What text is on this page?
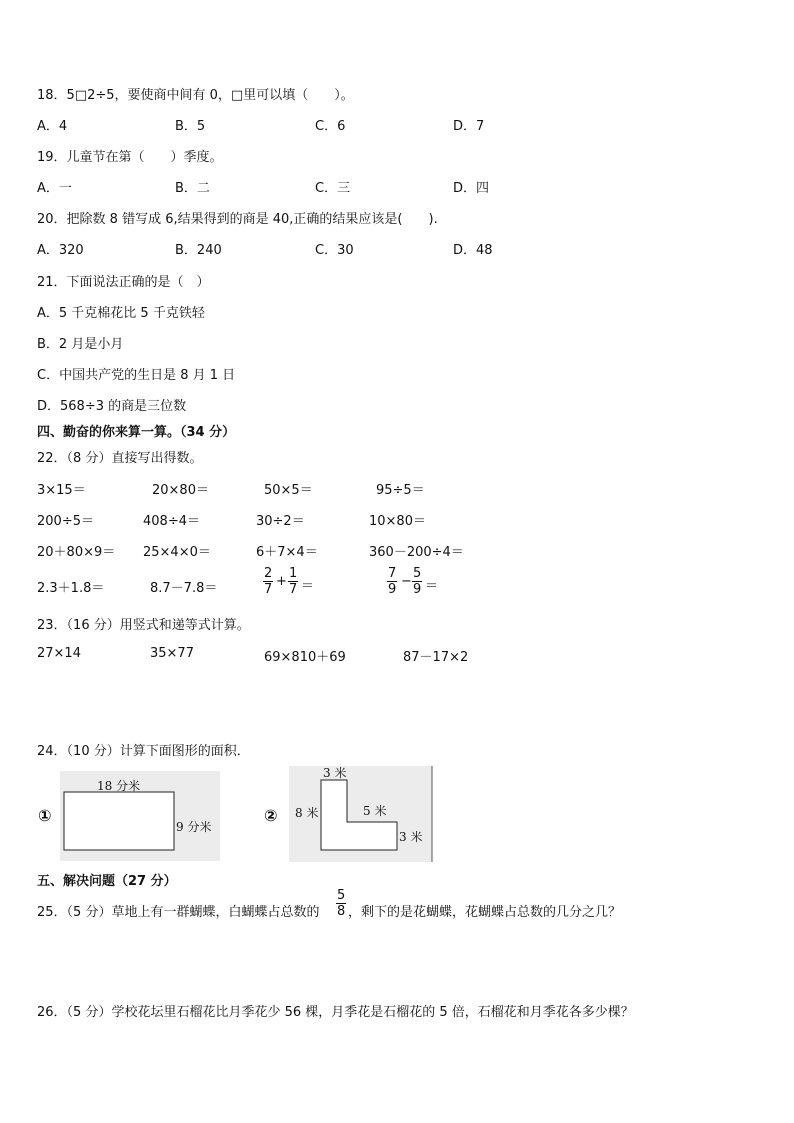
18．5□2÷5，要使商中间有 0，□里可以填（　　）。
A．4	B．5	C．6	D．7
19．儿童节在第（　　）季度。
A．一	B．二	C．三	D．四
20．把除数 8 错写成 6,结果得到的商是 40,正确的结果应该是(　　).
A．320	B．240	C．30	D．48
21．下面说法正确的是（　）
A．5 千克棉花比 5 千克铁轻
B．2 月是小月
C．中国共产党的生日是 8 月 1 日
D．568÷3 的商是三位数
四、勤奋的你来算一算。（34 分）
22．（8 分）直接写出得数。
3×15＝	20×80＝	50×5＝	95÷5＝
200÷5＝	408÷4＝	30÷2＝	10×80＝
20＋80×9＝ 25×4×0＝	6＋7×4＝	360－200÷4＝
2.3＋1.8＝	8.7－7.8＝	$\frac{2}{7} + \frac{1}{7}$ ＝	$\frac{7}{9} - \frac{5}{9}$ ＝
23．（16 分）用竖式和递等式计算。
27×14	35×77	69×810＋69	87－17×2
24．（10 分）计算下面图形的面积．
①
18 分米
9 分米
②
3 米
8 米	5 米
3 米
五、解决问题（27 分）
25．（5 分）草地上有一群蝴蝶，白蝴蝶占总数的 $\frac{5}{8}$ ，剩下的是花蝴蝶，花蝴蝶占总数的几分之几？
26．（5 分）学校花坛里石榴花比月季花少 56 棵，月季花是石榴花的 5 倍，石榴花和月季花各多少棵？
